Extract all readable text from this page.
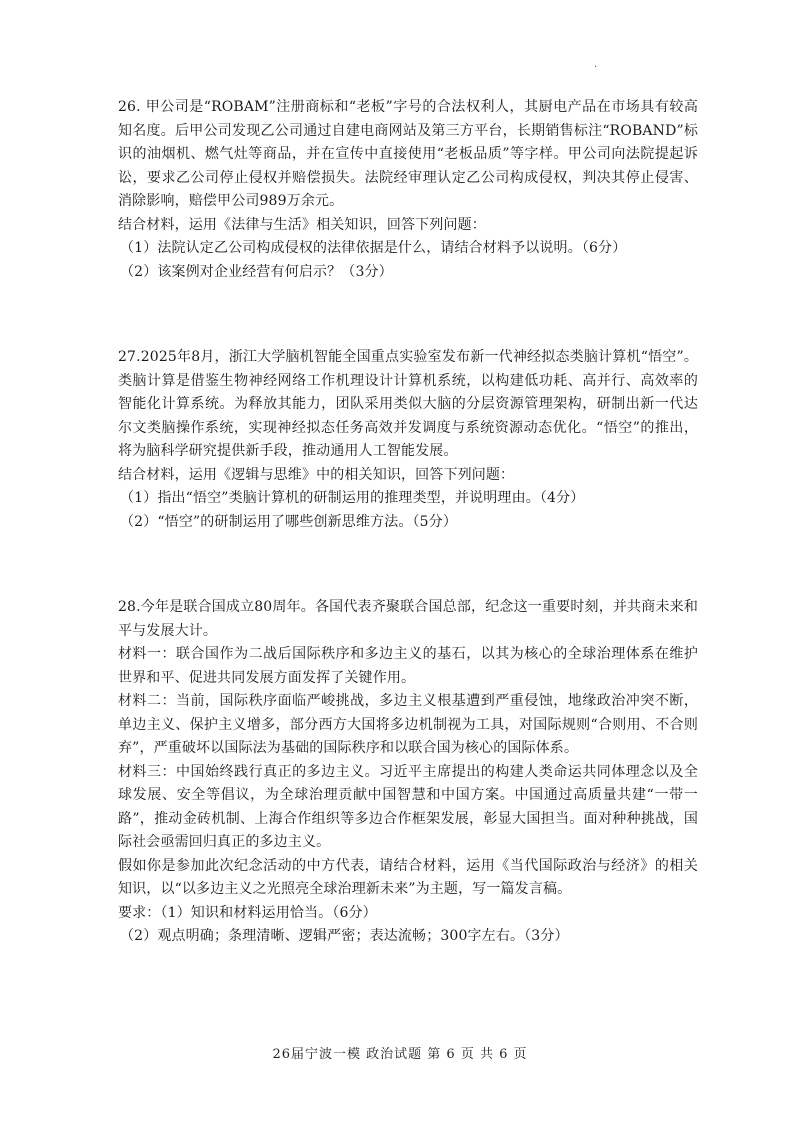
·

26. 甲公司是“ROBAM”注册商标和“老板”字号的合法权利人，其厨电产品在市场具有较高知名度。后甲公司发现乙公司通过自建电商网站及第三方平台，长期销售标注“ROBAND”标识的油烟机、燃气灶等商品，并在宣传中直接使用“老板品质”等字样。甲公司向法院提起诉讼，要求乙公司停止侵权并赔偿损失。法院经审理认定乙公司构成侵权，判决其停止侵害、消除影响，赔偿甲公司989万余元。

结合材料，运用《法律与生活》相关知识，回答下列问题：

（1）法院认定乙公司构成侵权的法律依据是什么，请结合材料予以说明。（6分）

（2）该案例对企业经营有何启示？（3分）

27.2025年8月，浙江大学脑机智能全国重点实验室发布新一代神经拟态类脑计算机“悟空”。类脑计算是借鉴生物神经网络工作机理设计计算机系统，以构建低功耗、高并行、高效率的智能化计算系统。为释放其能力，团队采用类似大脑的分层资源管理架构，研制出新一代达尔文类脑操作系统，实现神经拟态任务高效并发调度与系统资源动态优化。“悟空”的推出，将为脑科学研究提供新手段，推动通用人工智能发展。

结合材料，运用《逻辑与思维》中的相关知识，回答下列问题：

（1）指出“悟空”类脑计算机的研制运用的推理类型，并说明理由。（4分）

（2）“悟空”的研制运用了哪些创新思维方法。（5分）

28.今年是联合国成立80周年。各国代表齐聚联合国总部，纪念这一重要时刻，并共商未来和平与发展大计。

材料一：联合国作为二战后国际秩序和多边主义的基石，以其为核心的全球治理体系在维护世界和平、促进共同发展方面发挥了关键作用。

材料二：当前，国际秩序面临严峻挑战，多边主义根基遭到严重侵蚀，地缘政治冲突不断，单边主义、保护主义增多，部分西方大国将多边机制视为工具，对国际规则“合则用、不合则弃”，严重破坏以国际法为基础的国际秩序和以联合国为核心的国际体系。

材料三：中国始终践行真正的多边主义。习近平主席提出的构建人类命运共同体理念以及全球发展、安全等倡议，为全球治理贡献中国智慧和中国方案。中国通过高质量共建“一带一路”，推动金砖机制、上海合作组织等多边合作框架发展，彰显大国担当。面对种种挑战，国际社会亟需回归真正的多边主义。

假如你是参加此次纪念活动的中方代表，请结合材料，运用《当代国际政治与经济》的相关知识，以“以多边主义之光照亮全球治理新未来”为主题，写一篇发言稿。

要求：（1）知识和材料运用恰当。（6分）

（2）观点明确；条理清晰、逻辑严密；表达流畅；300字左右。（3分）

26届宁波一模 政治试题 第 6 页 共 6 页
